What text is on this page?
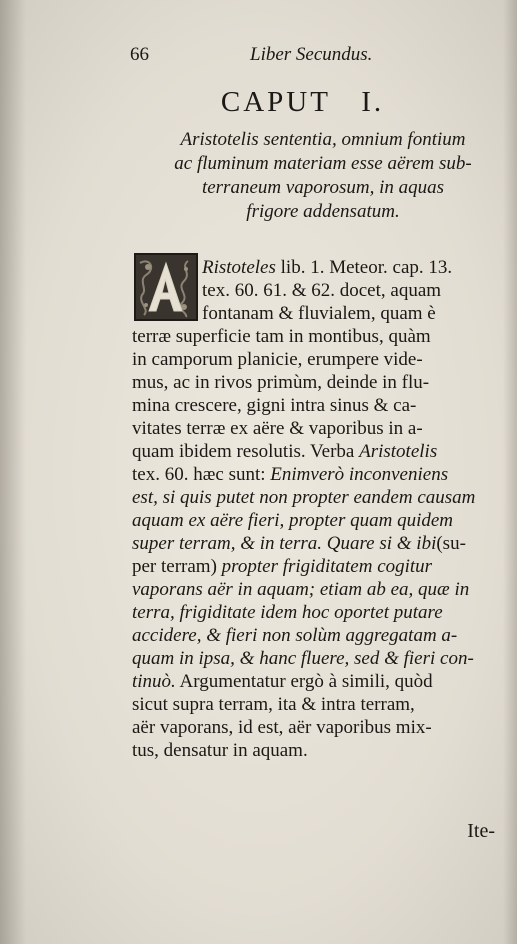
66	Liber Secundus.
CAPUT   I.
Aristotelis sententia, omnium fontium
ac fluminum materiam esse aërem sub-
terraneum vaporosum, in aquas
frigore addensatum.
Ristoteles lib. 1. Meteor. cap. 13.
tex. 60. 61. & 62. docet, aquam
fontanam & fluvialem, quam è
terræ superficie tam in montibus, quàm
in camporum planicie, erumpere vide-
mus, ac in rivos primùm, deinde in flu-
mina crescere, gigni intra sinus & ca-
vitates terræ ex aëre & vaporibus in a-
quam ibidem resolutis. Verba Aristotelis
tex. 60. hæc sunt: Enimverò inconveniens
est, si quis putet non propter eandem causam
aquam ex aëre fieri, propter quam quidem
super terram, & in terra. Quare si & ibi(su-
per terram) propter frigiditatem cogitur
vaporans aër in aquam; etiam ab ea, quæ in
terra, frigiditate idem hoc oportet putare
accidere, & fieri non solùm aggregatam a-
quam in ipsa, & hanc fluere, sed & fieri con-
tinuò. Argumentatur ergò à simili, quòd
sicut supra terram, ita & intra terram,
aër vaporans, id est, aër vaporibus mix-
tus, densatur in aquam.
Ite-
